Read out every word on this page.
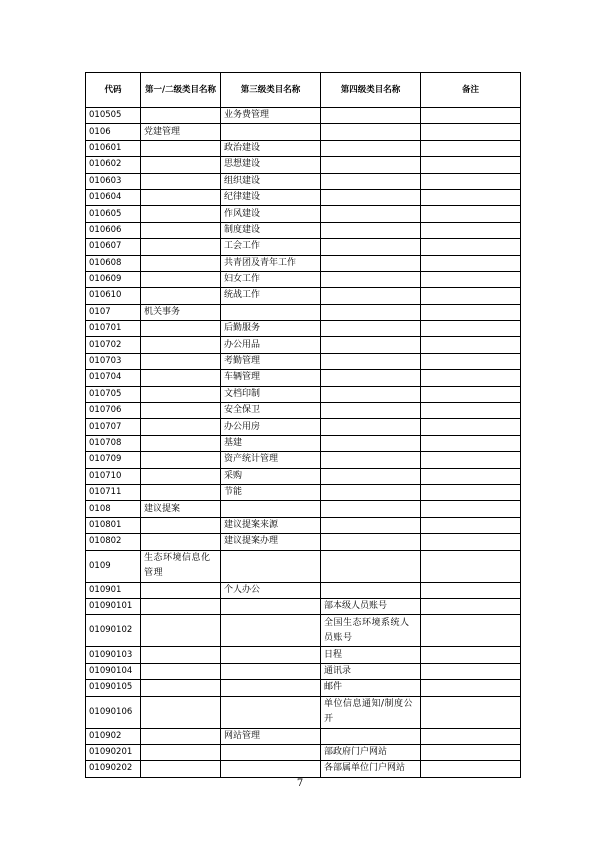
代码	第一/二级类目名称	第三级类目名称	第四级类目名称	备注
010505		业务费管理		
0106	党建管理			
010601		政治建设		
010602		思想建设		
010603		组织建设		
010604		纪律建设		
010605		作风建设		
010606		制度建设		
010607		工会工作		
010608		共青团及青年工作		
010609		妇女工作		
010610		统战工作		
0107	机关事务			
010701		后勤服务		
010702		办公用品		
010703		考勤管理		
010704		车辆管理		
010705		文档印制		
010706		安全保卫		
010707		办公用房		
010708		基建		
010709		资产统计管理		
010710		采购		
010711		节能		
0108	建议提案			
010801		建议提案来源		
010802		建议提案办理		
0109	生态环境信息化管理			
010901		个人办公		
01090101			部本级人员账号	
01090102			全国生态环境系统人员账号	
01090103			日程	
01090104			通讯录	
01090105			邮件	
01090106			单位信息通知/制度公开	
010902		网站管理		
01090201			部政府门户网站	
01090202			各部属单位门户网站	
7
